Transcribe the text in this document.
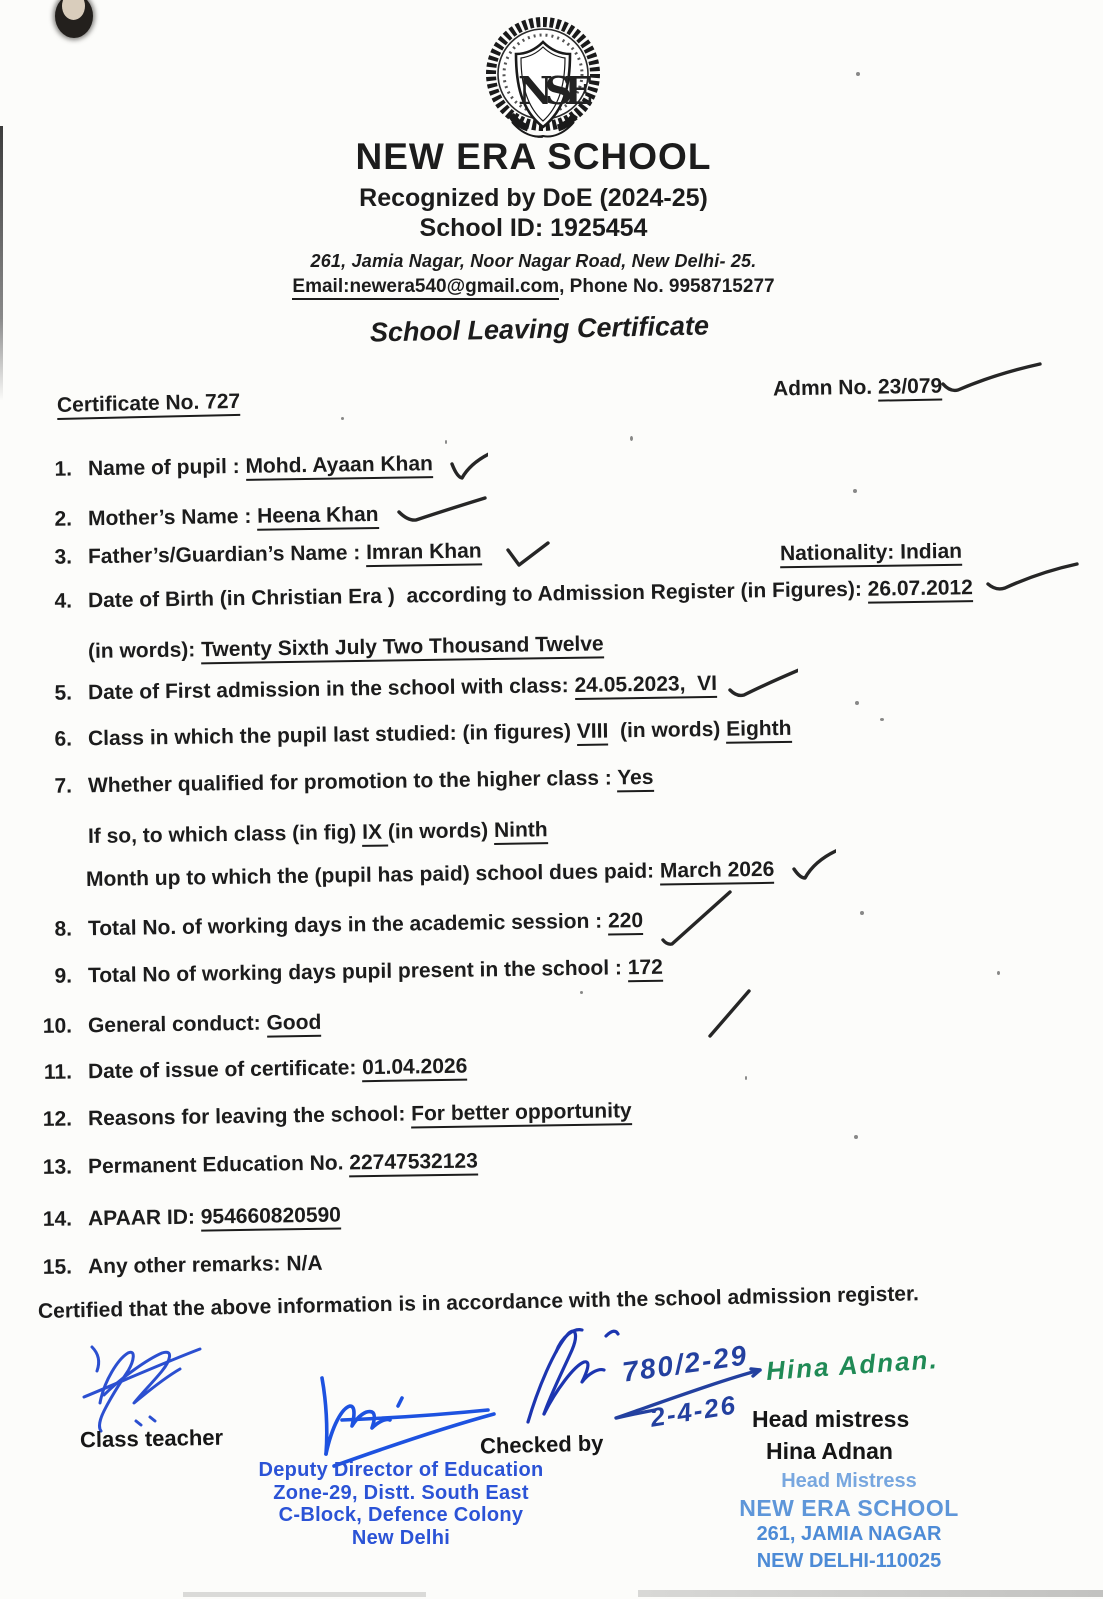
NSE
NEW ERA SCHOOL
Recognized by DoE (2024-25)
School ID: 1925454
261, Jamia Nagar, Noor Nagar Road, New Delhi- 25.
Email:newera540@gmail.com, Phone No. 9958715277
School Leaving Certificate
Certificate No. 727
Admn No. 23/079
Nationality: Indian
1. Name of pupil : Mohd. Ayaan Khan
2. Mother’s Name : Heena Khan
3. Father’s/Guardian’s Name : Imran Khan
4. Date of Birth (in Christian Era )  according to Admission Register (in Figures): 26.07.2012
(in words): Twenty Sixth July Two Thousand Twelve
5. Date of First admission in the school with class: 24.05.2023,  VI
6. Class in which the pupil last studied: (in figures) VIII  (in words) Eighth
7. Whether qualified for promotion to the higher class : Yes
If so, to which class (in fig) IX (in words) Ninth
Month up to which the (pupil has paid) school dues paid: March 2026
8. Total No. of working days in the academic session : 220
9. Total No of working days pupil present in the school : 172
10. General conduct: Good
11. Date of issue of certificate: 01.04.2026
12. Reasons for leaving the school: For better opportunity
13. Permanent Education No. 22747532123
14. APAAR ID: 954660820590
15. Any other remarks: N/A
Certified that the above information is in accordance with the school admission register.
Class teacher	Checked by
780/2-29
2-4-26
Hina Adnan.
Head mistress
Hina Adnan
Deputy Director of Education
Zone-29, Distt. South East
C-Block, Defence Colony
New Delhi
Head Mistress
NEW ERA SCHOOL
261, JAMIA NAGAR
NEW DELHI-110025
